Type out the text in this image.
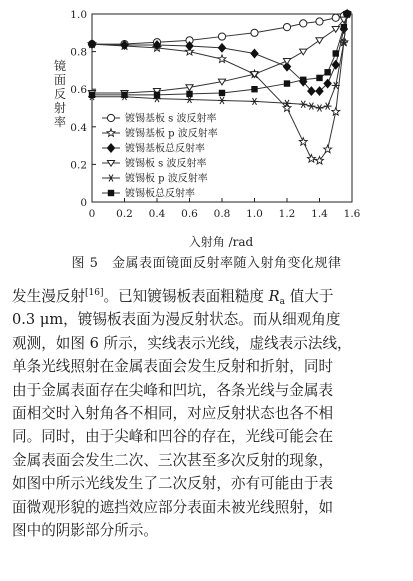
镀锡基板 s 波反射率
镀锡基板 p 波反射率
镀锡基板总反射率
镀锡板 s 波反射率
镀锡板 p 波反射率
镀锡板总反射率
0 0.2 0.4 0.6 0.8 1.0 1.2 1.4 1.6
0
0.2
0.4
0.6
0.8
1.0
入射角 /rad
镜面反射率
图 5　金属表面镜面反射率随入射角变化规律

发生漫反射[16]。已知镀锡板表面粗糙度 $R_a$ 值大于

0.3 μm，镀锡板表面为漫反射状态。而从细观角度

观测，如图 6 所示，实线表示光线，虚线表示法线，

单条光线照射在金属表面会发生反射和折射，同时

由于金属表面存在尖峰和凹坑，各条光线与金属表

面相交时入射角各不相同，对应反射状态也各不相

同。同时，由于尖峰和凹谷的存在，光线可能会在

金属表面会发生二次、三次甚至多次反射的现象，

如图中所示光线发生了二次反射，亦有可能由于表

面微观形貌的遮挡效应部分表面未被光线照射，如

图中的阴影部分所示。
